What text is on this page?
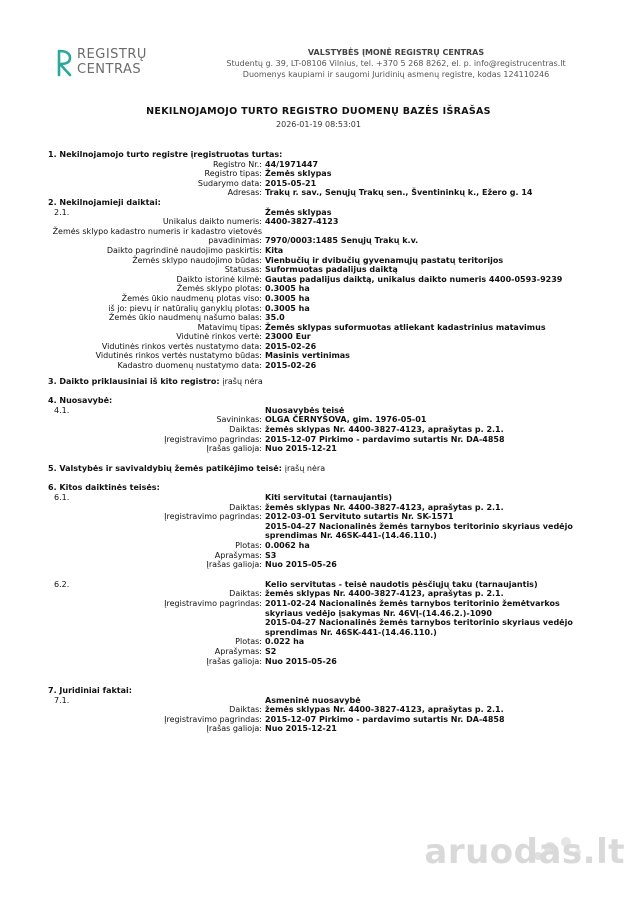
REGISTRŲ
CENTRAS
VALSTYBĖS ĮMONĖ REGISTRŲ CENTRAS
Studentų g. 39, LT-08106 Vilnius, tel. +370 5 268 8262, el. p. info@registrucentras.lt
Duomenys kaupiami ir saugomi Juridinių asmenų registre, kodas 124110246
NEKILNOJAMOJO TURTO REGISTRO DUOMENŲ BAZĖS IŠRAŠAS
2026-01-19 08:53:01
1. Nekilnojamojo turto registre įregistruotas turtas:
Registro Nr.: 44/1971447
Registro tipas: Žemės sklypas
Sudarymo data: 2015-05-21
Adresas: Trakų r. sav., Senųjų Trakų sen., Šventininkų k., Ežero g. 14
2. Nekilnojamieji daiktai:
2.1.	Žemės sklypas
Unikalus daikto numeris: 4400-3827-4123
Žemės sklypo kadastro numeris ir kadastro vietovės
pavadinimas: 7970/0003:1485 Senųjų Trakų k.v.
Daikto pagrindinė naudojimo paskirtis: Kita
Žemės sklypo naudojimo būdas: Vienbučių ir dvibučių gyvenamųjų pastatų teritorijos
Statusas: Suformuotas padalijus daiktą
Daikto istorinė kilmė: Gautas padalijus daiktą, unikalus daikto numeris 4400-0593-9239
Žemės sklypo plotas: 0.3005 ha
Žemės ūkio naudmenų plotas viso: 0.3005 ha
iš jo: pievų ir natūralių ganyklų plotas: 0.3005 ha
Žemės ūkio naudmenų našumo balas: 35.0
Matavimų tipas: Žemės sklypas suformuotas atliekant kadastrinius matavimus
Vidutinė rinkos vertė: 23000 Eur
Vidutinės rinkos vertės nustatymo data: 2015-02-26
Vidutinės rinkos vertės nustatymo būdas: Masinis vertinimas
Kadastro duomenų nustatymo data: 2015-02-26
3. Daikto priklausiniai iš kito registro: įrašų nėra
4. Nuosavybė:
4.1.	Nuosavybės teisė
Savininkas: OLGA ČERNYŠOVA, gim. 1976-05-01
Daiktas: žemės sklypas Nr. 4400-3827-4123, aprašytas p. 2.1.
Įregistravimo pagrindas: 2015-12-07 Pirkimo - pardavimo sutartis Nr. DA-4858
Įrašas galioja: Nuo 2015-12-21
5. Valstybės ir savivaldybių žemės patikėjimo teisė: įrašų nėra
6. Kitos daiktinės teisės:
6.1.	Kiti servitutai (tarnaujantis)
Daiktas: žemės sklypas Nr. 4400-3827-4123, aprašytas p. 2.1.
Įregistravimo pagrindas: 2012-03-01 Servituto sutartis Nr. SK-1571
2015-04-27 Nacionalinės žemės tarnybos teritorinio skyriaus vedėjo sprendimas Nr. 46SK-441-(14.46.110.)
Plotas: 0.0062 ha
Aprašymas: S3
Įrašas galioja: Nuo 2015-05-26
6.2.	Kelio servitutas - teisė naudotis pėsčiųjų taku (tarnaujantis)
Daiktas: žemės sklypas Nr. 4400-3827-4123, aprašytas p. 2.1.
Įregistravimo pagrindas: 2011-02-24 Nacionalinės žemės tarnybos teritorinio žemėtvarkos skyriaus vedėjo įsakymas Nr. 46VĮ-(14.46.2.)-1090
2015-04-27 Nacionalinės žemės tarnybos teritorinio skyriaus vedėjo sprendimas Nr. 46SK-441-(14.46.110.)
Plotas: 0.022 ha
Aprašymas: S2
Įrašas galioja: Nuo 2015-05-26
7. Juridiniai faktai:
7.1.	Asmeninė nuosavybė
Daiktas: žemės sklypas Nr. 4400-3827-4123, aprašytas p. 2.1.
Įregistravimo pagrindas: 2015-12-07 Pirkimo - pardavimo sutartis Nr. DA-4858
Įrašas galioja: Nuo 2015-12-21
aruodas.lt
